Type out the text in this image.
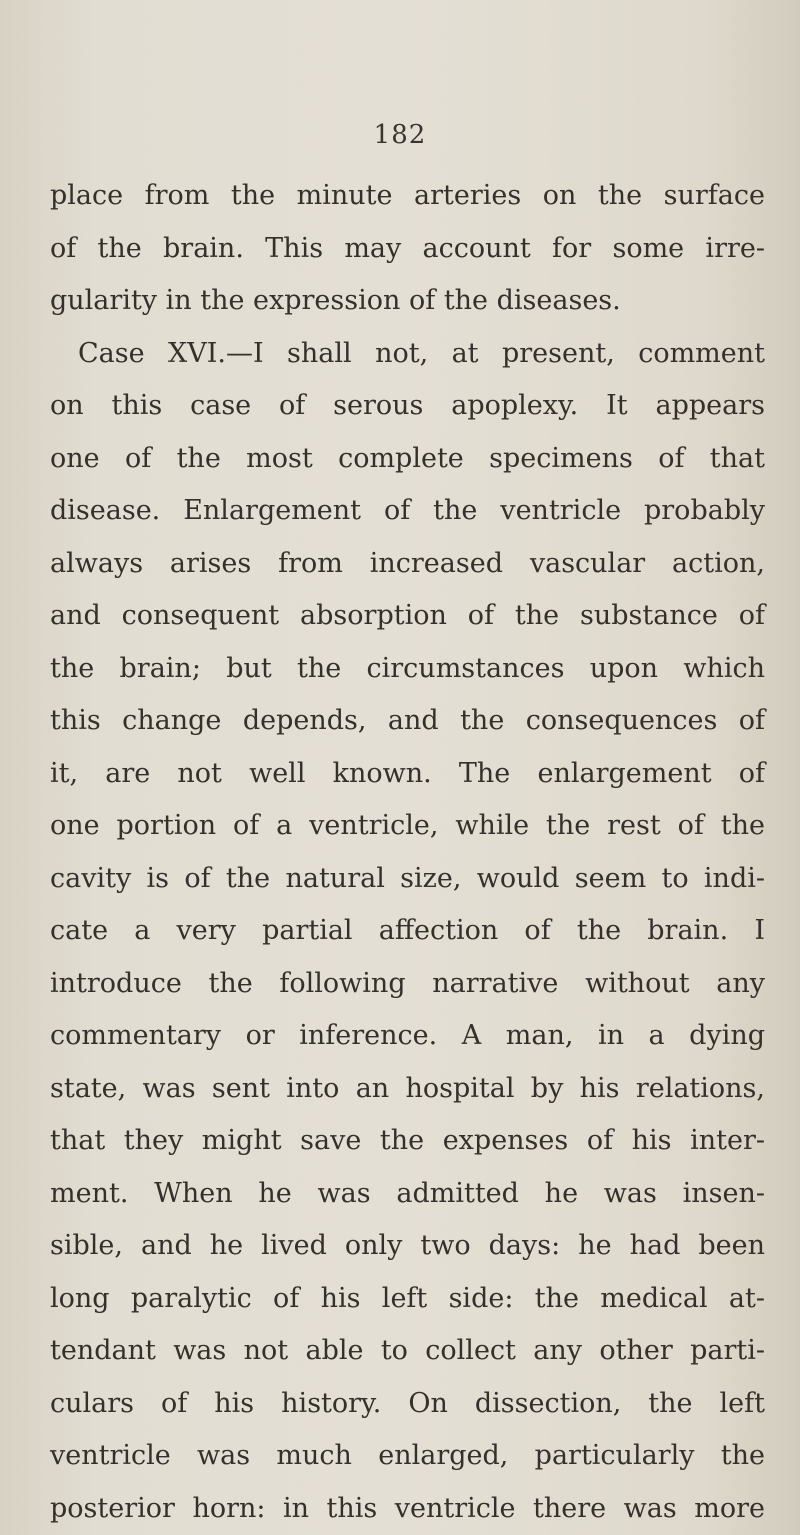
182
place from the minute arteries on the surface
of the brain. This may account for some irre-
gularity in the expression of the diseases.
Case XVI.—I shall not, at present, comment
on this case of serous apoplexy. It appears
one of the most complete specimens of that
disease. Enlargement of the ventricle probably
always arises from increased vascular action,
and consequent absorption of the substance of
the brain; but the circumstances upon which
this change depends, and the consequences of
it, are not well known. The enlargement of
one portion of a ventricle, while the rest of the
cavity is of the natural size, would seem to indi-
cate a very partial affection of the brain. I
introduce the following narrative without any
commentary or inference. A man, in a dying
state, was sent into an hospital by his relations,
that they might save the expenses of his inter-
ment. When he was admitted he was insen-
sible, and he lived only two days: he had been
long paralytic of his left side: the medical at-
tendant was not able to collect any other parti-
culars of his history. On dissection, the left
ventricle was much enlarged, particularly the
posterior horn: in this ventricle there was more
